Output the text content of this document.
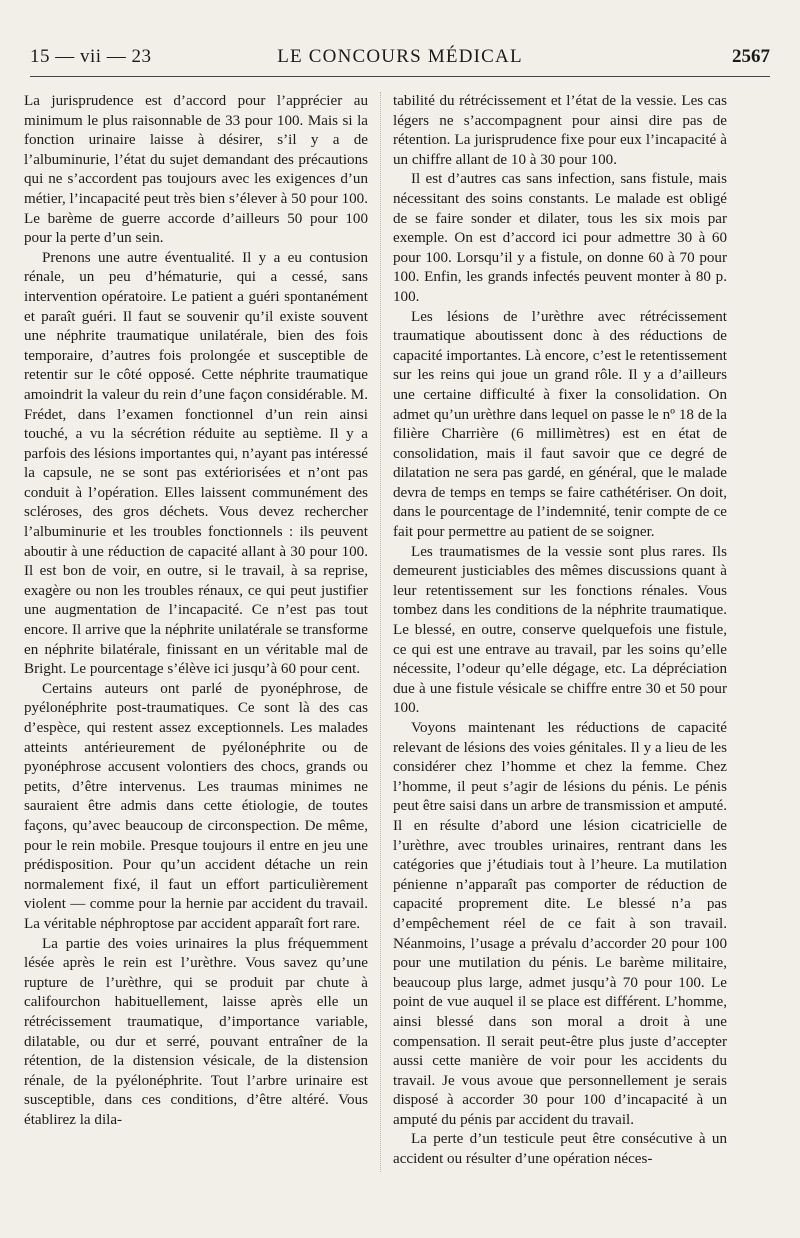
15 — vii — 23	LE CONCOURS MÉDICAL	2567

La jurisprudence est d’accord pour l’apprécier au minimum le plus raisonnable de 33 pour 100. Mais si la fonction urinaire laisse à désirer, s’il y a de l’albuminurie, l’état du sujet demandant des précautions qui ne s’accordent pas toujours avec les exigences d’un métier, l’incapacité peut très bien s’élever à 50 pour 100. Le barème de guerre accorde d’ailleurs 50 pour 100 pour la perte d’un sein.

Prenons une autre éventualité. Il y a eu contusion rénale, un peu d’hématurie, qui a cessé, sans intervention opératoire. Le patient a guéri spontanément et paraît guéri. Il faut se souvenir qu’il existe souvent une néphrite traumatique unilatérale, bien des fois temporaire, d’autres fois prolongée et susceptible de retentir sur le côté opposé. Cette néphrite traumatique amoindrit la valeur du rein d’une façon considérable. M. Frédet, dans l’examen fonctionnel d’un rein ainsi touché, a vu la sécrétion réduite au septième. Il y a parfois des lésions importantes qui, n’ayant pas intéressé la capsule, ne se sont pas extériorisées et n’ont pas conduit à l’opération. Elles laissent communément des scléroses, des gros déchets. Vous devez rechercher l’albuminurie et les troubles fonctionnels : ils peuvent aboutir à une réduction de capacité allant à 30 pour 100. Il est bon de voir, en outre, si le travail, à sa reprise, exagère ou non les troubles rénaux, ce qui peut justifier une augmentation de l’incapacité. Ce n’est pas tout encore. Il arrive que la néphrite unilatérale se transforme en néphrite bilatérale, finissant en un véritable mal de Bright. Le pourcentage s’élève ici jusqu’à 60 pour cent.

Certains auteurs ont parlé de pyonéphrose, de pyélonéphrite post-traumatiques. Ce sont là des cas d’espèce, qui restent assez exceptionnels. Les malades atteints antérieurement de pyélonéphrite ou de pyonéphrose accusent volontiers des chocs, grands ou petits, d’être intervenus. Les traumas minimes ne sauraient être admis dans cette étiologie, de toutes façons, qu’avec beaucoup de circonspection. De même, pour le rein mobile. Presque toujours il entre en jeu une prédisposition. Pour qu’un accident détache un rein normalement fixé, il faut un effort particulièrement violent — comme pour la hernie par accident du travail. La véritable néphroptose par accident apparaît fort rare.

La partie des voies urinaires la plus fréquemment lésée après le rein est l’urèthre. Vous savez qu’une rupture de l’urèthre, qui se produit par chute à califourchon habituellement, laisse après elle un rétrécissement traumatique, d’importance variable, dilatable, ou dur et serré, pouvant entraîner de la rétention, de la distension vésicale, de la distension rénale, de la pyélonéphrite. Tout l’arbre urinaire est susceptible, dans ces conditions, d’être altéré. Vous établirez la dila-

tabilité du rétrécissement et l’état de la vessie. Les cas légers ne s’accompagnent pour ainsi dire pas de rétention. La jurisprudence fixe pour eux l’incapacité à un chiffre allant de 10 à 30 pour 100.

Il est d’autres cas sans infection, sans fistule, mais nécessitant des soins constants. Le malade est obligé de se faire sonder et dilater, tous les six mois par exemple. On est d’accord ici pour admettre 30 à 60 pour 100. Lorsqu’il y a fistule, on donne 60 à 70 pour 100. Enfin, les grands infectés peuvent monter à 80 p. 100.

Les lésions de l’urèthre avec rétrécissement traumatique aboutissent donc à des réductions de capacité importantes. Là encore, c’est le retentissement sur les reins qui joue un grand rôle. Il y a d’ailleurs une certaine difficulté à fixer la consolidation. On admet qu’un urèthre dans lequel on passe le nº 18 de la filière Charrière (6 millimètres) est en état de consolidation, mais il faut savoir que ce degré de dilatation ne sera pas gardé, en général, que le malade devra de temps en temps se faire cathétériser. On doit, dans le pourcentage de l’indemnité, tenir compte de ce fait pour permettre au patient de se soigner.

Les traumatismes de la vessie sont plus rares. Ils demeurent justiciables des mêmes discussions quant à leur retentissement sur les fonctions rénales. Vous tombez dans les conditions de la néphrite traumatique. Le blessé, en outre, conserve quelquefois une fistule, ce qui est une entrave au travail, par les soins qu’elle nécessite, l’odeur qu’elle dégage, etc. La dépréciation due à une fistule vésicale se chiffre entre 30 et 50 pour 100.

Voyons maintenant les réductions de capacité relevant de lésions des voies génitales. Il y a lieu de les considérer chez l’homme et chez la femme. Chez l’homme, il peut s’agir de lésions du pénis. Le pénis peut être saisi dans un arbre de transmission et amputé. Il en résulte d’abord une lésion cicatricielle de l’urèthre, avec troubles urinaires, rentrant dans les catégories que j’étudiais tout à l’heure. La mutilation pénienne n’apparaît pas comporter de réduction de capacité proprement dite. Le blessé n’a pas d’empêchement réel de ce fait à son travail. Néanmoins, l’usage a prévalu d’accorder 20 pour 100 pour une mutilation du pénis. Le barème militaire, beaucoup plus large, admet jusqu’à 70 pour 100. Le point de vue auquel il se place est différent. L’homme, ainsi blessé dans son moral a droit à une compensation. Il serait peut-être plus juste d’accepter aussi cette manière de voir pour les accidents du travail. Je vous avoue que personnellement je serais disposé à accorder 30 pour 100 d’incapacité à un amputé du pénis par accident du travail.

La perte d’un testicule peut être consécutive à un accident ou résulter d’une opération néces-
